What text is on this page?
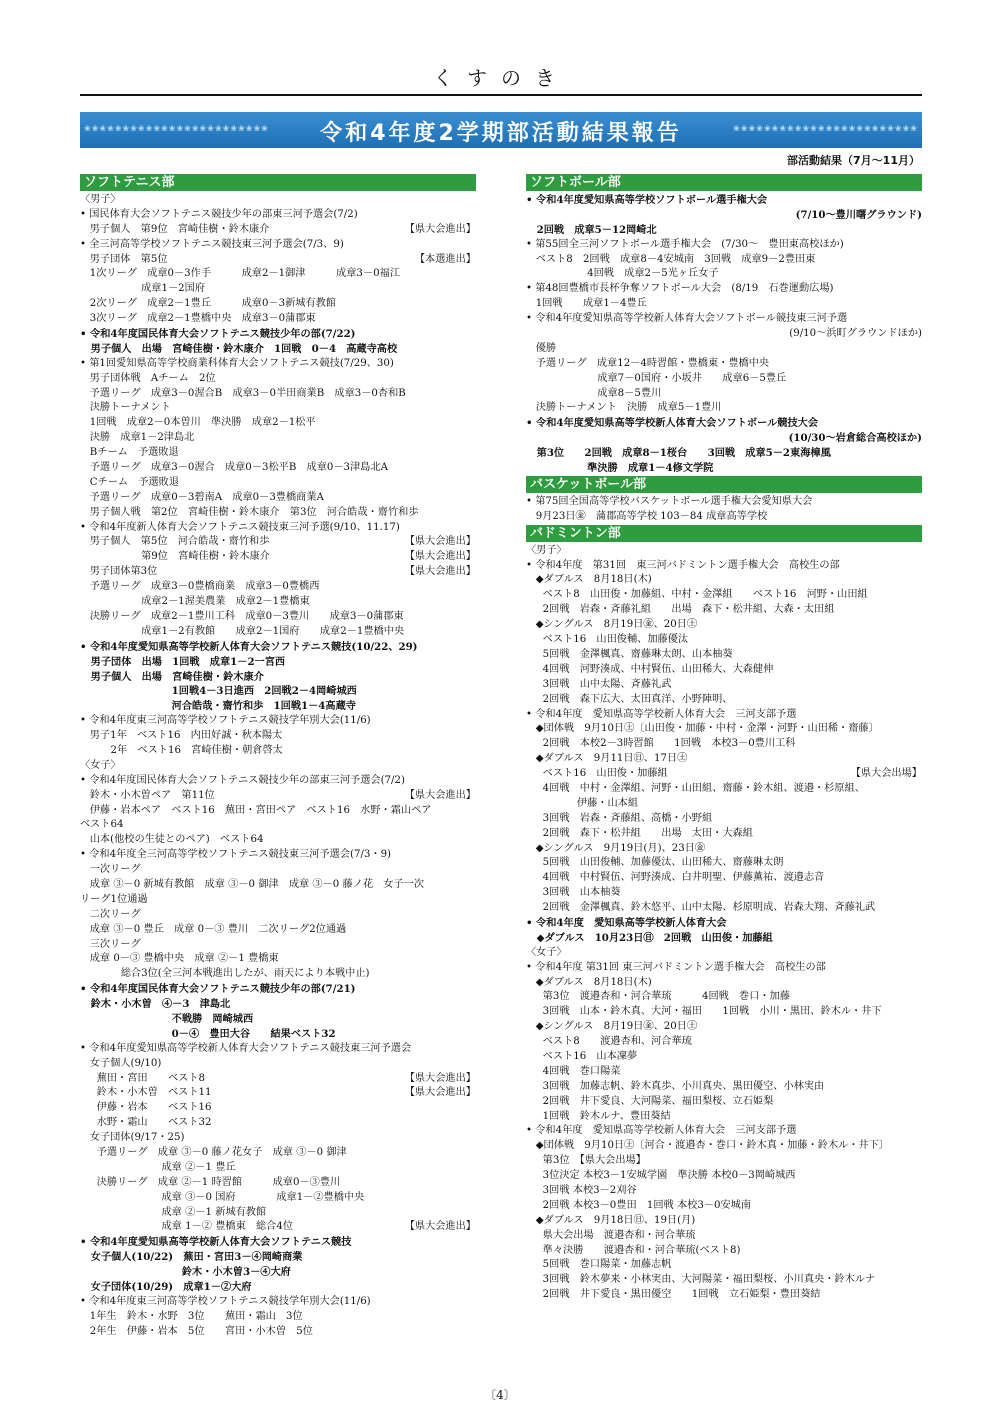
くすのき
❀❀❀❀❀❀❀❀❀❀❀❀❀❀❀❀❀❀❀❀❀❀❀❀	令和4年度2学期部活動結果報告	❀❀❀❀❀❀❀❀❀❀❀❀❀❀❀❀❀❀❀❀❀❀❀❀
部活動結果（7月～11月）
ソフトテニス部
〈男子〉
• 国民体育大会ソフトテニス競技少年の部東三河予選会(7/2)
【県大会進出】
男子個人　第9位　宮崎佳樹・鈴木康介
• 全三河高等学校ソフトテニス競技東三河予選会(7/3、9)
【本選進出】
男子団体　第5位
1次リーグ　成章0－3作手　　　成章2－1御津　　　成章3－0福江
　　　　　　成章1－2国府
2次リーグ　成章2－1豊丘　　　成章0－3新城有教館
3次リーグ　成章2－1豊橋中央　成章3－0蒲郡東
• 令和4年度国民体育大会ソフトテニス競技少年の部(7/22)
男子個人　出場　宮崎佳樹・鈴木康介　1回戦　0－4　高蔵寺高校
• 第1回愛知県高等学校商業科体育大会ソフトテニス競技(7/29、30)
男子団体戦　Aチーム　2位
予選リーグ　成章3－0渥合B　成章3－0半田商業B　成章3－0杏和B
決勝トーナメント
1回戦　成章2－0本曽川　準決勝　成章2－1松平
決勝　成章1－2津島北
Bチーム　予選敗退
予選リーグ　成章3－0渥合　成章0－3松平B　成章0－3津島北A
Cチーム　予選敗退
予選リーグ　成章0－3碧南A　成章0－3豊橋商業A
男子個人戦　第2位　宮崎佳樹・鈴木康介　第3位　河合皓哉・齋竹和歩
• 令和4年度新人体育大会ソフトテニス競技東三河予選(9/10、11.17)
【県大会進出】
男子個人　第5位　河合皓哉・齋竹和歩
【県大会進出】
　　　　　　第9位　宮崎佳樹・鈴木康介
【県大会進出】
男子団体第3位
予選リーグ　成章3－0豊橋商業　成章3－0豊橋西
　　　　　　成章2－1渥美農業　成章2－1豊橋東
決勝リーグ　成章2－1豊川工科　成章0－3豊川　　成章3－0蒲郡東
　　　　　　成章1－2有教館　　成章2－1国府　　成章2－1豊橋中央
• 令和4年度愛知県高等学校新人体育大会ソフトテニス競技(10/22、29)
男子団体　出場　1回戦　成章1－2一宮西
男子個人　出場　宮崎佳樹・鈴木康介
　　　　　　　　　1回戦4－3日進西　2回戦2－4岡崎城西
　　　　　　　　　河合皓哉・齋竹和歩　1回戦1－4高蔵寺
• 令和4年度東三河高等学校ソフトテニス競技学年別大会(11/6)
男子1年　ベスト16　内田好誠・秋本陽太
　　　2年　ベスト16　宮崎佳樹・朝倉啓太
〈女子〉
• 令和4年度国民体育大会ソフトテニス競技少年の部東三河予選会(7/2)
【県大会進出】
鈴木・小木曽ペア　第11位
伊藤・岩本ペア　ベスト16　蕪田・宮田ペア　ベスト16　水野・霜山ペア
ベスト64
山本(他校の生徒とのペア)　ベスト64
• 令和4年度全三河高等学校ソフトテニス競技東三河予選会(7/3・9)
一次リーグ
成章 ③－0 新城有教館　成章 ③－0 御津　成章 ③－0 藤ノ花　女子一次
リーグ1位通過
二次リーグ
成章 ③－0 豊丘　成章 0－③ 豊川　二次リーグ2位通過
三次リーグ
成章 0－③ 豊橋中央　成章 ②－1 豊橋東
　　　　総合3位(全三河本戦進出したが、雨天により本戦中止)
• 令和4年度国民体育大会ソフトテニス競技少年の部(7/21)
鈴木・小木曽　④－3　津島北
　　　　　　　　　不戦勝　岡崎城西
　　　　　　　　　0－④　豊田大谷　　結果ベスト32
• 令和4年度愛知県高等学校新人体育大会ソフトテニス競技東三河予選会
女子個人(9/10)
【県大会進出】
　  蕪田・宮田　　ベスト8
【県大会進出】
　  鈴木・小木曽　ベスト11
　  伊藤・岩本　　ベスト16
　  水野・霜山　　ベスト32
女子団体(9/17・25)
　  予選リーグ　成章 ③－0 藤ノ花女子　成章 ③－0 御津
　　　　　　　　成章 ②－1 豊丘
　  決勝リーグ　成章 ②－1 時習館　　　成章0－③豊川
　　　　　　　　成章 ③－0 国府　　　　成章1－②豊橋中央
　　　　　　　　成章 ②－1 新城有教館
【県大会進出】
　　　　　　　　成章 1－② 豊橋東　総合4位
• 令和4年度愛知県高等学校新人体育大会ソフトテニス競技
女子個人(10/22)　蕪田・宮田3－④岡崎商業
　　　　　　　　　　鈴木・小木曽3－④大府
女子団体(10/29)　成章1－②大府
• 令和4年度東三河高等学校ソフトテニス競技学年別大会(11/6)
1年生　鈴木・水野　3位　　蕪田・霜山　3位
2年生　伊藤・岩本　5位　　宮田・小木曽　5位
ソフトボール部
• 令和4年度愛知県高等学校ソフトボール選手権大会
(7/10～豊川曙グラウンド)
2回戦　成章5－12岡崎北
• 第55回全三河ソフトボール選手権大会　(7/30～　豊田東高校ほか)
ベスト8　2回戦　成章8－4安城南　3回戦　成章9－2豊田東
　　　　　　4回戦　成章2－5光ヶ丘女子
• 第48回豊橋市長杯争奪ソフトボール大会　(8/19　石巻運動広場)
1回戦　　成章1－4豊丘
• 令和4年度愛知県高等学校新人体育大会ソフトボール競技東三河予選
(9/10～浜町グラウンドほか)
優勝
予選リーグ　成章12－4時習館・豊橋東・豊橋中央
　　　　　　　成章7－0国府・小坂井　　成章6－5豊丘
　　　　　　　成章8－5豊川
決勝トーナメント　決勝　成章5－1豊川
• 令和4年度愛知県高等学校新人体育大会ソフトボール競技大会
(10/30～岩倉総合高校ほか)
第3位　　2回戦　成章8－1桜台　　3回戦　成章5－2東海樟風
　　　　　　準決勝　成章1－4修文学院
バスケットボール部
• 第75回全国高等学校バスケットボール選手権大会愛知県大会
9月23日㊎　蒲郡高等学校 103－84 成章高等学校
バドミントン部
〈男子〉
• 令和4年度　第31回　東三河バドミントン選手権大会　高校生の部
◆ダブルス　8月18日(木)
　  ベスト8　山田俊・加藤組、中村・金澤組　　ベスト16　河野・山田組
　  2回戦　岩森・斉藤礼組　　出場　森下・松井組、大森・太田組
◆シングルス　8月19日㊎、20日㊏
　  ベスト16　山田俊輔、加藤優汰
　  5回戦　金澤楓真、齋藤琳太朗、山本柚葵
　  4回戦　河野湊成、中村賢伍、山田稀大、大森健伸
　  3回戦　山中太陽、斉藤礼武
　  2回戦　森下広大、太田真洋、小野陣明、
• 令和4年度　愛知県高等学校新人体育大会　三河支部予選
◆団体戦　9月10日㊏〔山田俊・加藤・中村・金澤・河野・山田稀・齋藤〕
　  2回戦　本校2－3時習館　　1回戦　本校3－0豊川工科
◆ダブルス　9月11日㊐、17日㊏
【県大会出場】
　  ベスト16　山田俊・加藤組
　  4回戦　中村・金澤組、河野・山田組、齋藤・鈴木組、渡邉・杉原組、
　　　　　伊藤・山本組
　  3回戦　岩森・斉藤組、高橋・小野組
　  2回戦　森下・松井組　　出場　太田・大森組
◆シングルス　9月19日(月)、23日㊎
　  5回戦　山田俊輔、加藤優汰、山田稀大、齋藤琳太朗
　  4回戦　中村賢伍、河野湊成、白井明聖、伊藤薫祐、渡邉志音
　  3回戦　山本柚葵
　  2回戦　金澤楓真、鈴木悠平、山中太陽、杉原明成、岩森大翔、斉藤礼武
• 令和4年度　愛知県高等学校新人体育大会
◆ダブルス　10月23日㊐　2回戦　山田俊・加藤組
〈女子〉
• 令和4年度 第31回 東三河バドミントン選手権大会　高校生の部
◆ダブルス　8月18日(木)
　  第3位　渡邉杏和・河合華琉　　　4回戦　巻口・加藤
　  3回戦　山本・鈴木真、大河・福田　　1回戦　小川・黒田、鈴木ル・井下
◆シングルス　8月19日㊎、20日㊏
　  ベスト8　　渡邉杏和、河合華琉
　  ベスト16　山本凜夢
　  4回戦　巻口陽菜
　  3回戦　加藤志帆、鈴木真歩、小川真央、黒田優空、小林実由
　  2回戦　井下愛良、大河陽菜、福田梨桜、立石姫梨
　  1回戦　鈴木ルナ、豊田葵結
• 令和4年度　愛知県高等学校新人体育大会　三河支部予選
◆団体戦　9月10日㊏〔河合・渡邉杏・巻口・鈴木真・加藤・鈴木ル・井下〕
　  第3位　【県大会出場】
　  3位決定 本校3－1安城学園　準決勝 本校0－3岡崎城西
　  3回戦 本校3－2刈谷
　  2回戦 本校3－0豊田　1回戦 本校3－0安城南
◆ダブルス　9月18日㊐、19日(月)
　  県大会出場　渡邉杏和・河合華琉
　  準々決勝　　渡邉杏和・河合華琉(ベスト8)
　  5回戦　巻口陽菜・加藤志帆
　  3回戦　鈴木夢来・小林実由、大河陽菜・福田梨桜、小川真央・鈴木ルナ
　  2回戦　井下愛良・黒田優空　　1回戦　立石姫梨・豊田葵結
〔4〕
